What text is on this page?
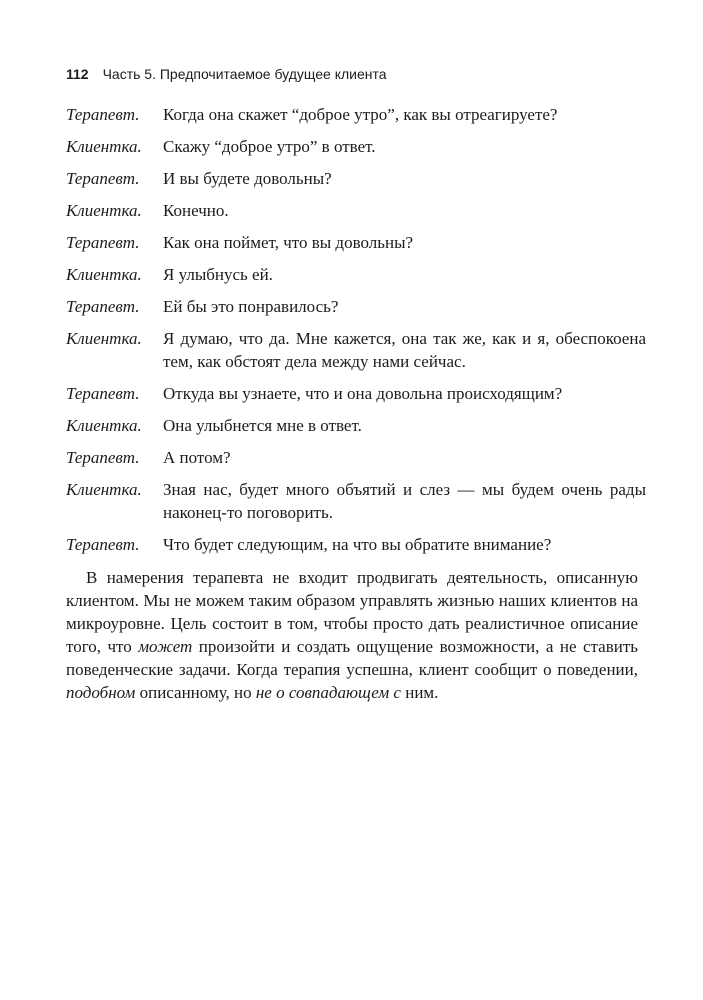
112 Часть 5. Предпочитаемое будущее клиента
Терапевт.	Когда она скажет “доброе утро”, как вы отреагируете?
Клиентка.	Скажу “доброе утро” в ответ.
Терапевт.	И вы будете довольны?
Клиентка.	Конечно.
Терапевт.	Как она поймет, что вы довольны?
Клиентка.	Я улыбнусь ей.
Терапевт.	Ей бы это понравилось?
Клиентка.	Я думаю, что да. Мне кажется, она так же, как и я, обеспокоена тем, как обстоят дела между нами сейчас.
Терапевт.	Откуда вы узнаете, что и она довольна происходящим?
Клиентка.	Она улыбнется мне в ответ.
Терапевт.	А потом?
Клиентка.	Зная нас, будет много объятий и слез — мы будем очень рады наконец-то поговорить.
Терапевт.	Что будет следующим, на что вы обратите внимание?

В намерения терапевта не входит продвигать деятельность, описанную клиентом. Мы не можем таким образом управлять жизнью наших клиентов на микроуровне. Цель состоит в том, чтобы просто дать реалистичное описание того, что может произойти и создать ощущение возможности, а не ставить поведенческие задачи. Когда терапия успешна, клиент сообщит о поведении, подобном описанному, но не о совпадающем с ним.
